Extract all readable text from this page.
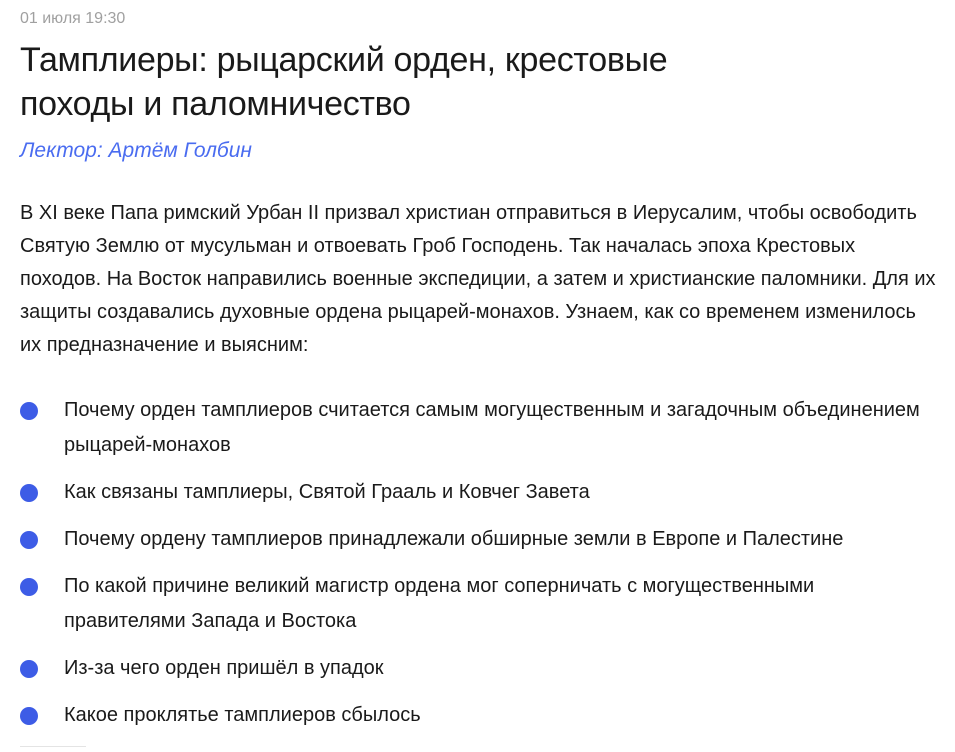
01 июля 19:30
Тамплиеры: рыцарский орден, крестовые походы и паломничество
Лектор: Артём Голбин

В XI веке Папа римский Урбан II призвал христиан отправиться в Иерусалим, чтобы освободить Святую Землю от мусульман и отвоевать Гроб Господень. Так началась эпоха Крестовых походов. На Восток направились военные экспедиции, а затем и христианские паломники. Для их защиты создавались духовные ордена рыцарей-монахов. Узнаем, как со временем изменилось их предназначение и выясним:

Почему орден тамплиеров считается самым могущественным и загадочным объединением рыцарей-монахов
Как связаны тамплиеры, Святой Грааль и Ковчег Завета
Почему ордену тамплиеров принадлежали обширные земли в Европе и Палестине
По какой причине великий магистр ордена мог соперничать с могущественными правителями Запада и Востока
Из-за чего орден пришёл в упадок
Какое проклятье тамплиеров сбылось
